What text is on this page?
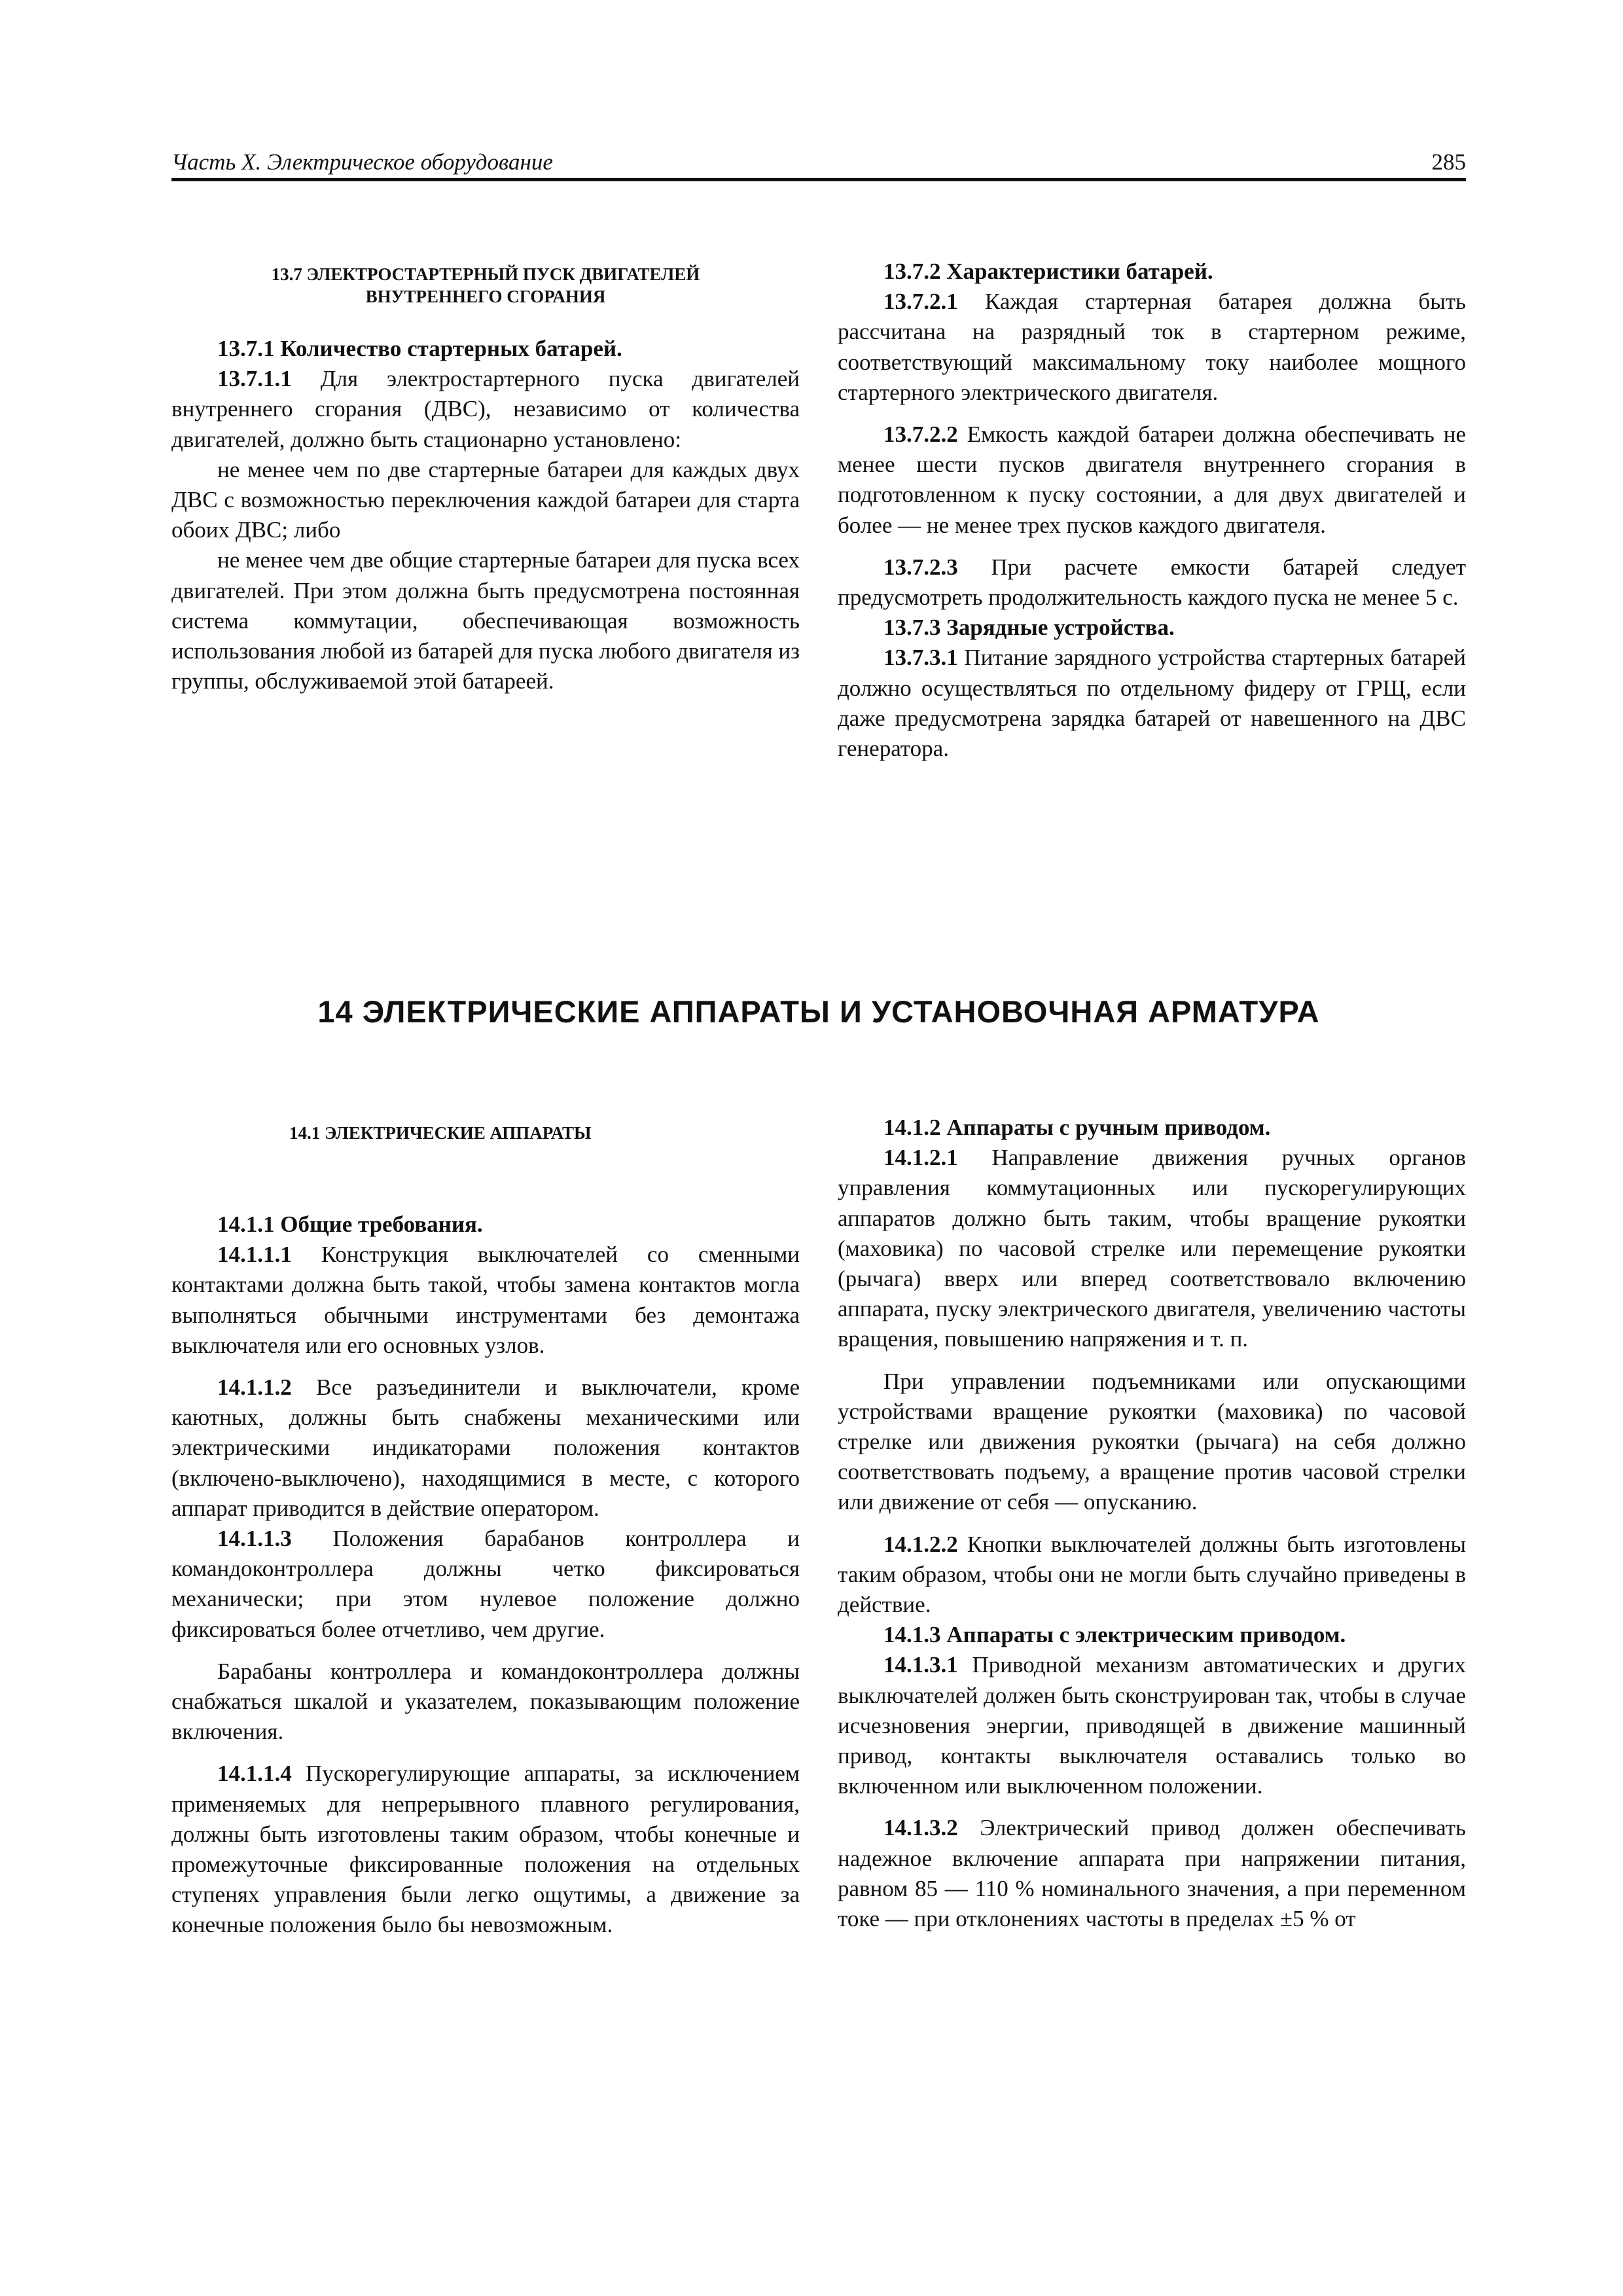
Часть X. Электрическое оборудование	285

13.7 ЭЛЕКТРОСТАРТЕРНЫЙ ПУСК ДВИГАТЕЛЕЙ
ВНУТРЕННЕГО СГОРАНИЯ

13.7.1 Количество стартерных батарей.

13.7.1.1 Для электростартерного пуска двигателей внутреннего сгорания (ДВС), независимо от количества двигателей, должно быть стационарно установлено:

не менее чем по две стартерные батареи для каждых двух ДВС с возможностью переключения каждой батареи для старта обоих ДВС; либо

не менее чем две общие стартерные батареи для пуска всех двигателей. При этом должна быть предусмотрена постоянная система коммутации, обеспечивающая возможность использования любой из батарей для пуска любого двигателя из группы, обслуживаемой этой батареей.

13.7.2 Характеристики батарей.

13.7.2.1 Каждая стартерная батарея должна быть рассчитана на разрядный ток в стартерном режиме, соответствующий максимальному току наиболее мощного стартерного электрического двигателя.

13.7.2.2 Емкость каждой батареи должна обеспечивать не менее шести пусков двигателя внутреннего сгорания в подготовленном к пуску состоянии, а для двух двигателей и более — не менее трех пусков каждого двигателя.

13.7.2.3 При расчете емкости батарей следует предусмотреть продолжительность каждого пуска не менее 5 с.

13.7.3 Зарядные устройства.

13.7.3.1 Питание зарядного устройства стартерных батарей должно осуществляться по отдельному фидеру от ГРЩ, если даже предусмотрена зарядка батарей от навешенного на ДВС генератора.

14 ЭЛЕКТРИЧЕСКИЕ АППАРАТЫ И УСТАНОВОЧНАЯ АРМАТУРА

14.1 ЭЛЕКТРИЧЕСКИЕ АППАРАТЫ

14.1.1 Общие требования.

14.1.1.1 Конструкция выключателей со сменными контактами должна быть такой, чтобы замена контактов могла выполняться обычными инструментами без демонтажа выключателя или его основных узлов.

14.1.1.2 Все разъединители и выключатели, кроме каютных, должны быть снабжены механическими или электрическими индикаторами положения контактов (включено-выключено), находящимися в месте, с которого аппарат приводится в действие оператором.

14.1.1.3 Положения барабанов контроллера и командоконтроллера должны четко фиксироваться механически; при этом нулевое положение должно фиксироваться более отчетливо, чем другие.

Барабаны контроллера и командоконтроллера должны снабжаться шкалой и указателем, показывающим положение включения.

14.1.1.4 Пускорегулирующие аппараты, за исключением применяемых для непрерывного плавного регулирования, должны быть изготовлены таким образом, чтобы конечные и промежуточные фиксированные положения на отдельных ступенях управления были легко ощутимы, а движение за конечные положения было бы невозможным.

14.1.2 Аппараты с ручным приводом.

14.1.2.1 Направление движения ручных органов управления коммутационных или пускорегулирующих аппаратов должно быть таким, чтобы вращение рукоятки (маховика) по часовой стрелке или перемещение рукоятки (рычага) вверх или вперед соответствовало включению аппарата, пуску электрического двигателя, увеличению частоты вращения, повышению напряжения и т. п.

При управлении подъемниками или опускающими устройствами вращение рукоятки (маховика) по часовой стрелке или движения рукоятки (рычага) на себя должно соответствовать подъему, а вращение против часовой стрелки или движение от себя — опусканию.

14.1.2.2 Кнопки выключателей должны быть изготовлены таким образом, чтобы они не могли быть случайно приведены в действие.

14.1.3 Аппараты с электрическим приводом.

14.1.3.1 Приводной механизм автоматических и других выключателей должен быть сконструирован так, чтобы в случае исчезновения энергии, приводящей в движение машинный привод, контакты выключателя оставались только во включенном или выключенном положении.

14.1.3.2 Электрический привод должен обеспечивать надежное включение аппарата при напряжении питания, равном 85 — 110 % номинального значения, а при переменном токе — при отклонениях частоты в пределах ±5 % от
